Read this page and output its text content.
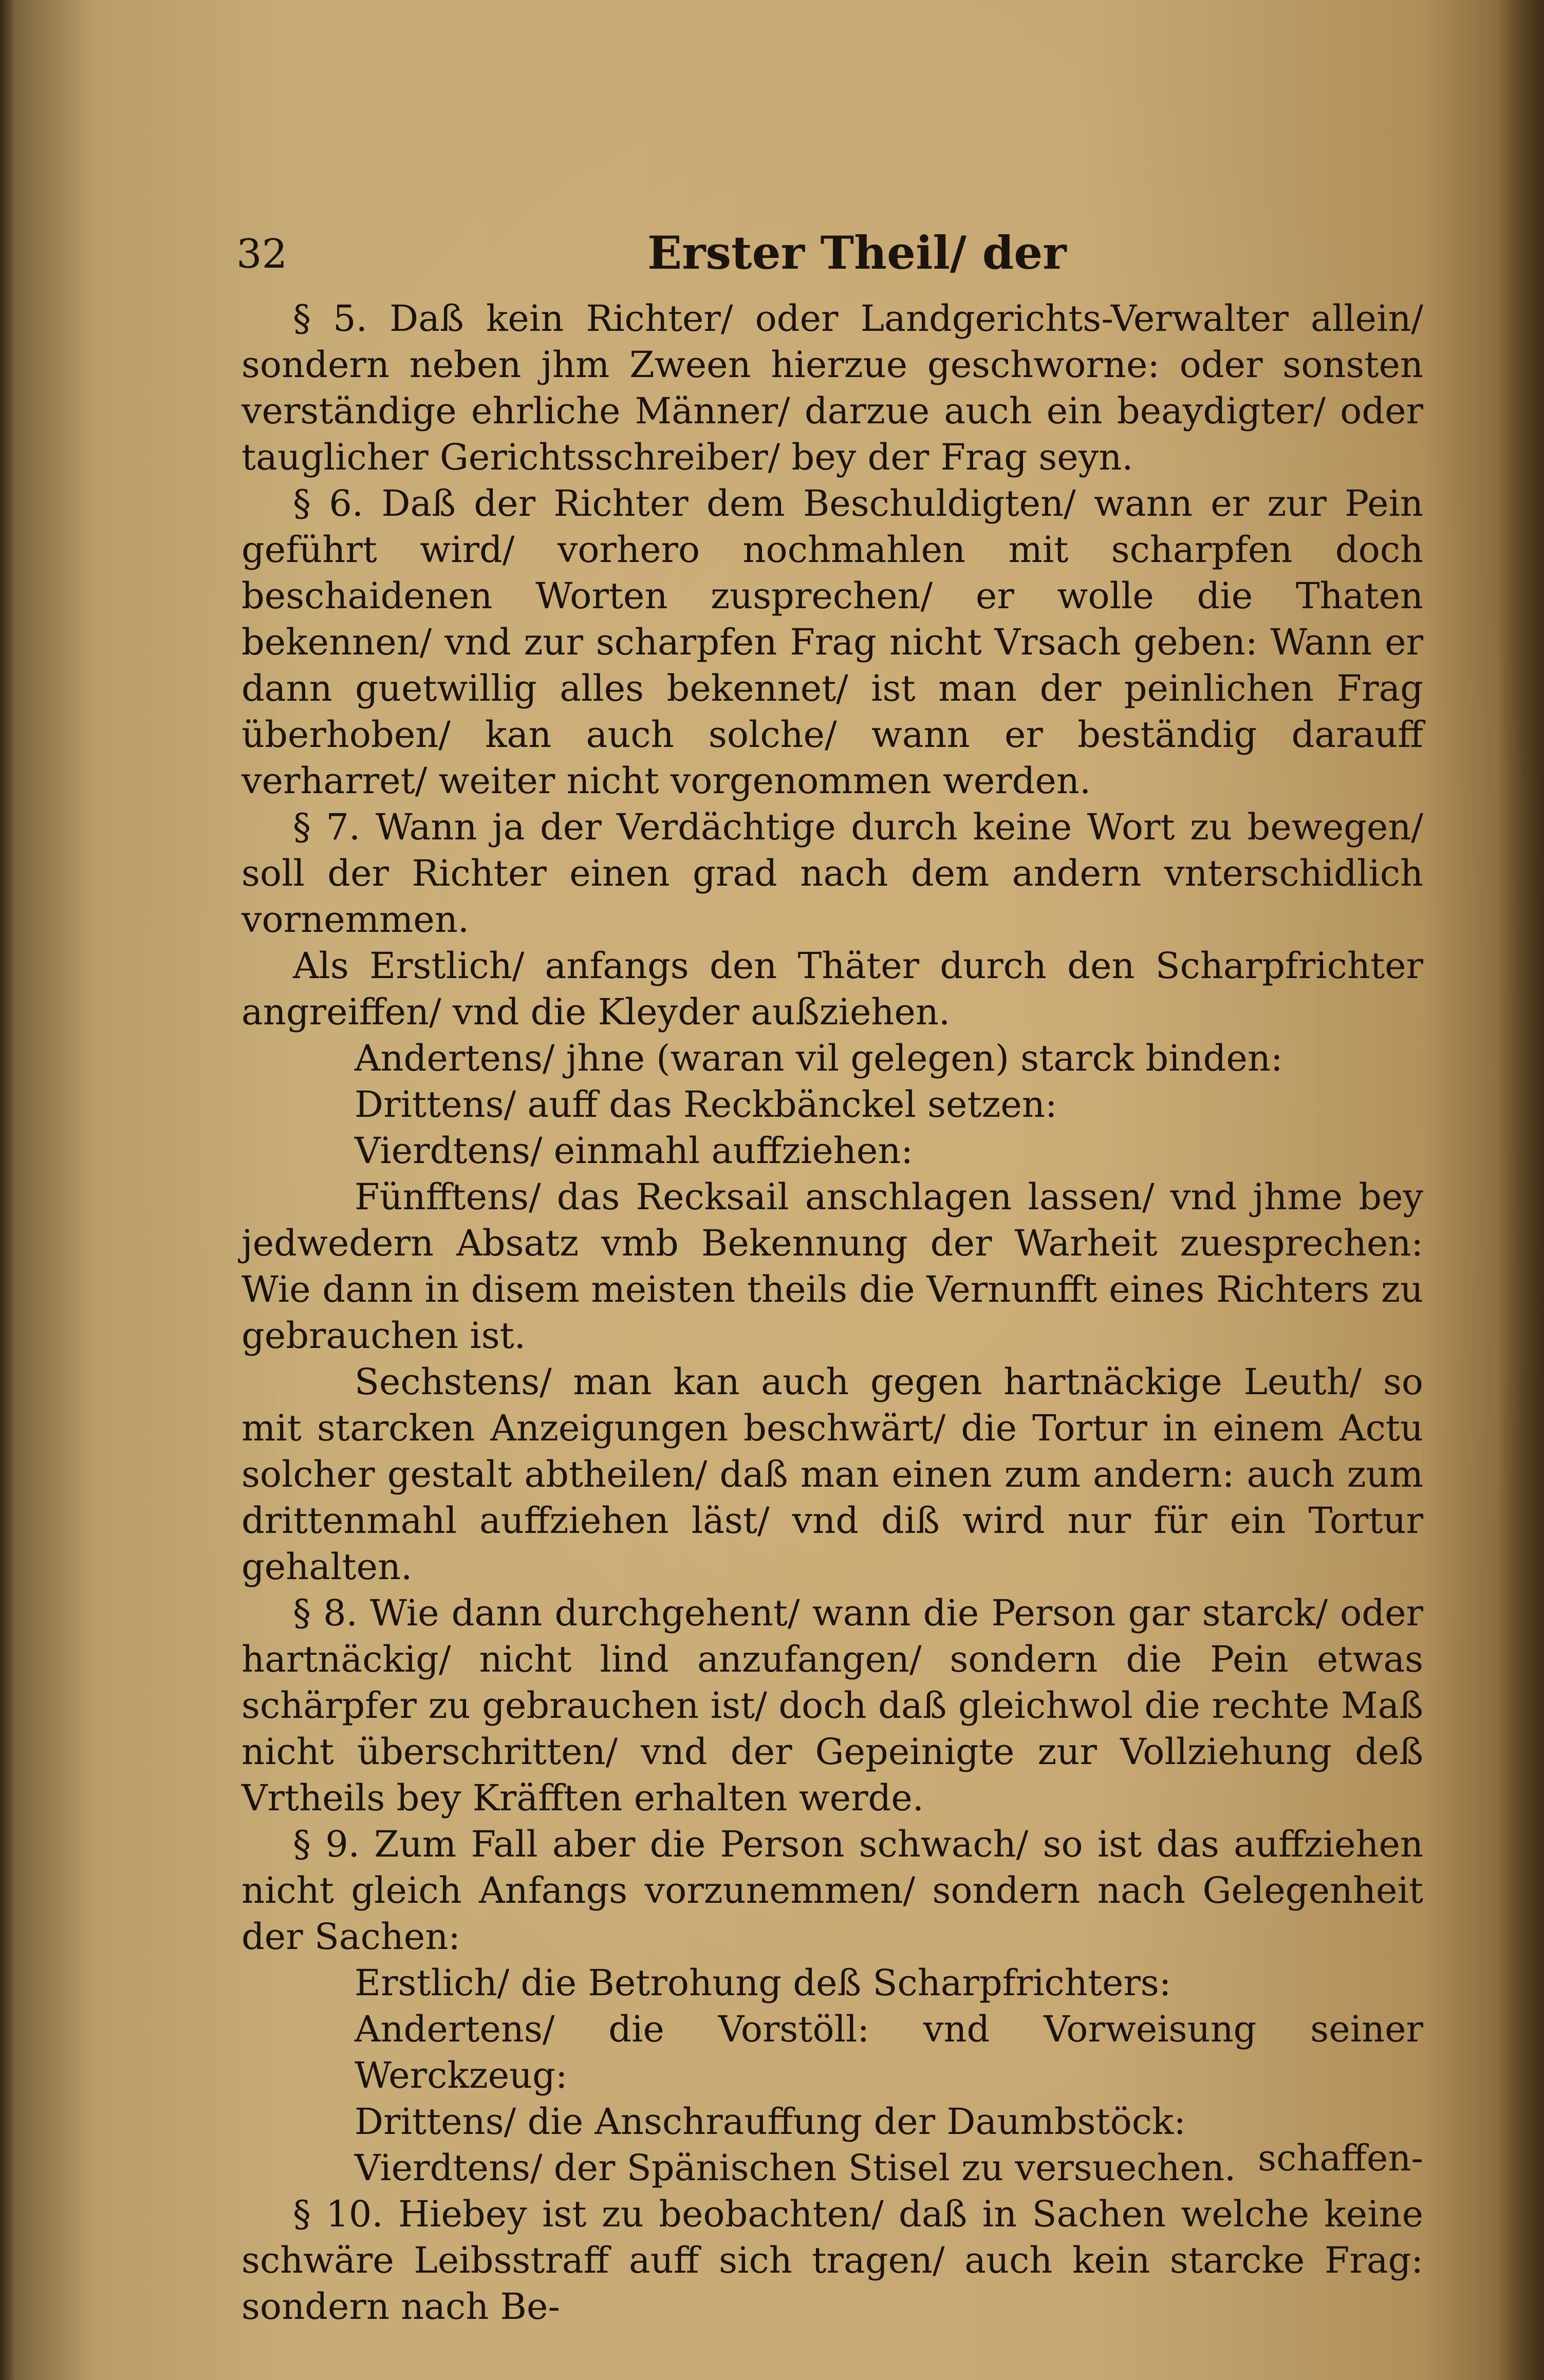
32	Erster Theil/ der

§ 5. Daß kein Richter/ oder Landgerichts-Verwalter allein/ sondern neben jhm Zween hierzue geschworne: oder sonsten verständige ehrliche Männer/ darzue auch ein beaydigter/ oder tauglicher Gerichtsschreiber/ bey der Frag seyn.

§ 6. Daß der Richter dem Beschuldigten/ wann er zur Pein geführt wird/ vorhero nochmahlen mit scharpfen doch beschaidenen Worten zusprechen/ er wolle die Thaten bekennen/ vnd zur scharpfen Frag nicht Vrsach geben: Wann er dann guetwillig alles bekennet/ ist man der peinlichen Frag überhoben/ kan auch solche/ wann er beständig darauff verharret/ weiter nicht vorgenommen werden.

§ 7. Wann ja der Verdächtige durch keine Wort zu bewegen/ soll der Richter einen grad nach dem andern vnterschidlich vornemmen.

Als Erstlich/ anfangs den Thäter durch den Scharpfrichter angreiffen/ vnd die Kleyder außziehen.

Andertens/ jhne (waran vil gelegen) starck binden:

Drittens/ auff das Reckbänckel setzen:

Vierdtens/ einmahl auffziehen:

Fünfftens/ das Recksail anschlagen lassen/ vnd jhme bey jedwedern Absatz vmb Bekennung der Warheit zuesprechen: Wie dann in disem meisten theils die Vernunfft eines Richters zu gebrauchen ist.

Sechstens/ man kan auch gegen hartnäckige Leuth/ so mit starcken Anzeigungen beschwärt/ die Tortur in einem Actu solcher gestalt abtheilen/ daß man einen zum andern: auch zum drittenmahl auffziehen läst/ vnd diß wird nur für ein Tortur gehalten.

§ 8. Wie dann durchgehent/ wann die Person gar starck/ oder hartnäckig/ nicht lind anzufangen/ sondern die Pein etwas schärpfer zu gebrauchen ist/ doch daß gleichwol die rechte Maß nicht überschritten/ vnd der Gepeinigte zur Vollziehung deß Vrtheils bey Kräfften erhalten werde.

§ 9. Zum Fall aber die Person schwach/ so ist das auffziehen nicht gleich Anfangs vorzunemmen/ sondern nach Gelegenheit der Sachen:

Erstlich/ die Betrohung deß Scharpfrichters:

Andertens/ die Vorstöll: vnd Vorweisung seiner Werckzeug:

Drittens/ die Anschrauffung der Daumbstöck:

Vierdtens/ der Spänischen Stisel zu versuechen.

§ 10. Hiebey ist zu beobachten/ daß in Sachen welche keine schwäre Leibsstraff auff sich tragen/ auch kein starcke Frag: sondern nach Be-

schaffen-
